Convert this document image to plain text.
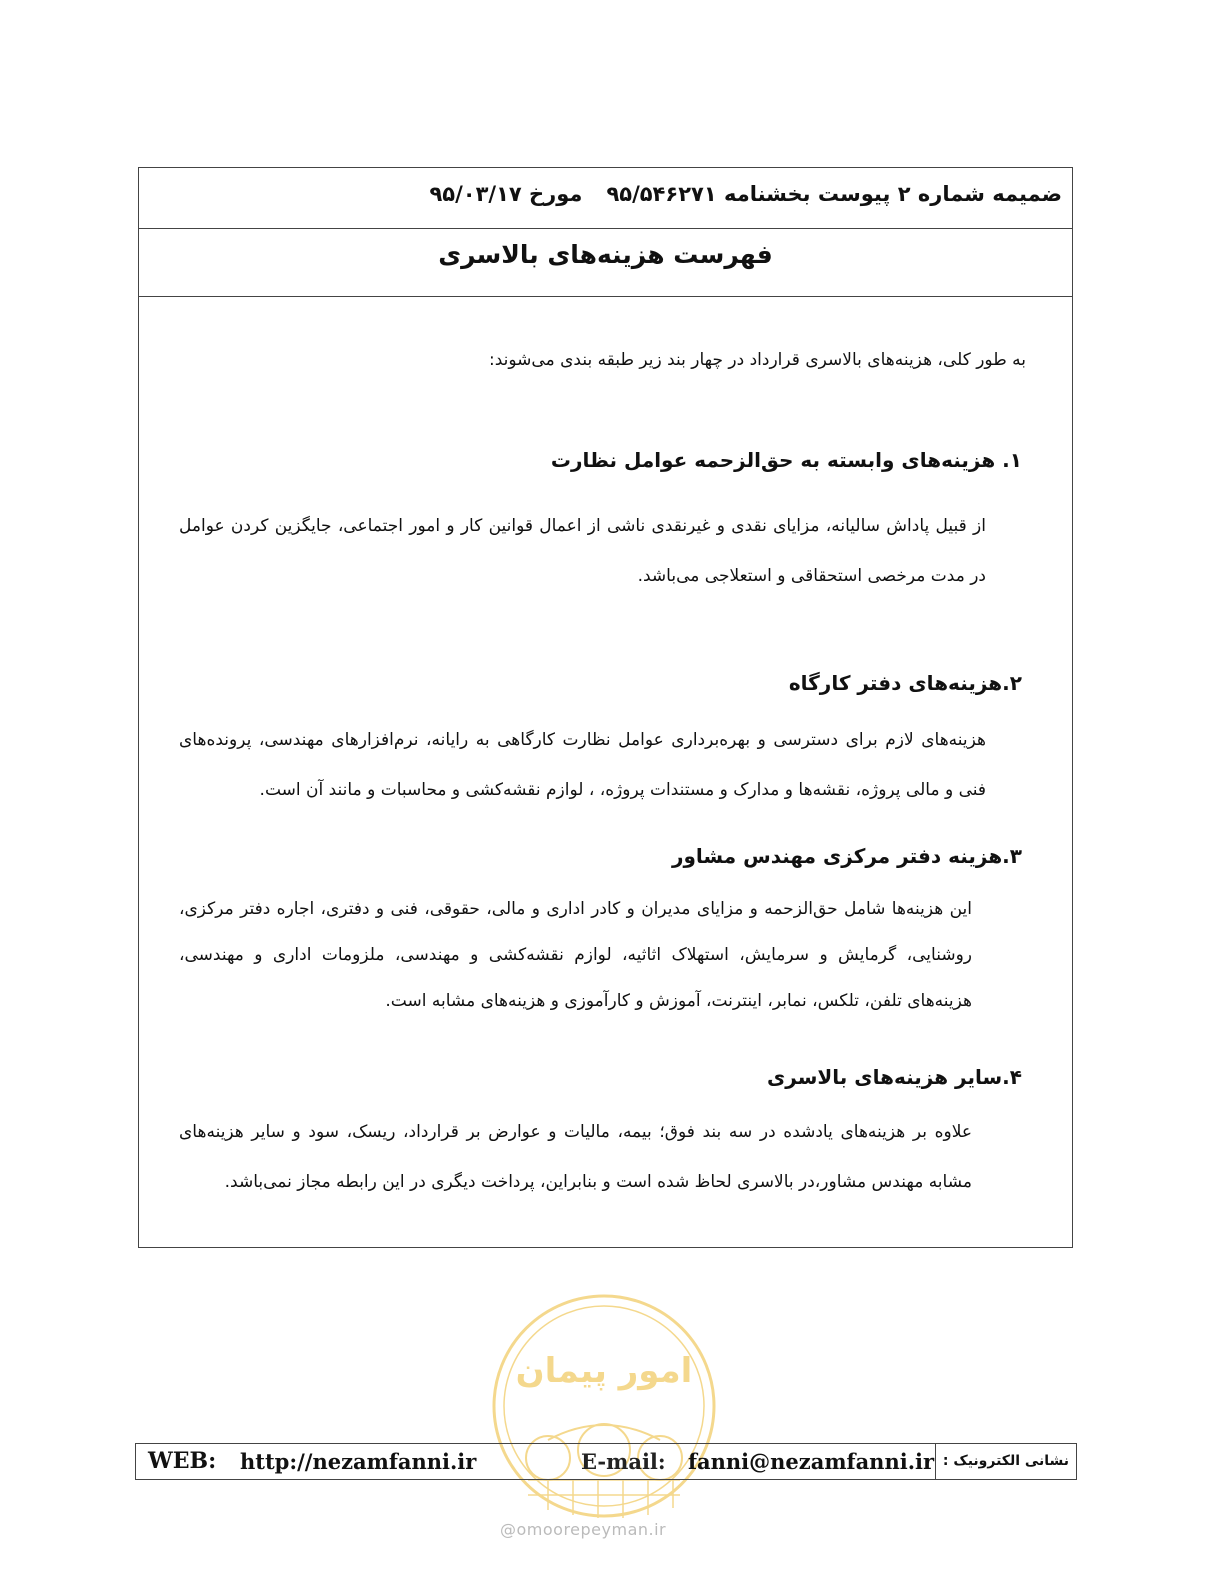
ضمیمه شماره ۲ پیوست بخشنامه ۹۵/۵۴۶۲۷۱مورخ ۹۵/۰۳/۱۷
فهرست هزینه‌های بالاسری
به طور کلی، هزینه‌های بالاسری قرارداد در چهار بند زیر طبقه بندی می‌شوند:
۱. هزینه‌های وابسته به حق‌الزحمه عوامل نظارت
از قبیل پاداش سالیانه، مزایای نقدی و غیرنقدی ناشی از اعمال قوانین کار و امور اجتماعی، جایگزین کردن عوامل در مدت مرخصی استحقاقی و استعلاجی می‌باشد.
۲.هزینه‌های دفتر کارگاه
هزینه‌های لازم برای دسترسی و بهره‌برداری عوامل نظارت کارگاهی به رایانه، نرم‌افزارهای مهندسی، پرونده‌های فنی و مالی پروژه، نقشه‌ها و مدارک و مستندات پروژه، ، لوازم نقشه‌کشی و محاسبات و مانند آن است.
۳.هزینه دفتر مرکزی مهندس مشاور
این هزینه‌ها شامل حق‌الزحمه و مزایای مدیران و کادر اداری و مالی، حقوقی، فنی و دفتری، اجاره دفتر مرکزی، روشنایی، گرمایش و سرمایش، استهلاک اثاثیه، لوازم نقشه‌کشی و مهندسی، ملزومات اداری و مهندسی، هزینه‌های تلفن، تلکس، نمابر، اینترنت، آموزش و کارآموزی و هزینه‌های مشابه است.
۴.سایر هزینه‌های بالاسری
علاوه بر هزینه‌های یادشده در سه بند فوق؛ بیمه، مالیات و عوارض بر قرارداد، ریسک، سود و سایر هزینه‌های مشابه مهندس مشاور،در بالاسری لحاظ شده است و بنابراین، پرداخت دیگری در این رابطه مجاز نمی‌باشد.
امور پیمان
WEB: http://nezamfanni.ir	E-mail: fanni@nezamfanni.ir نشانی الکترونیک :
@omoorepeyman.ir
